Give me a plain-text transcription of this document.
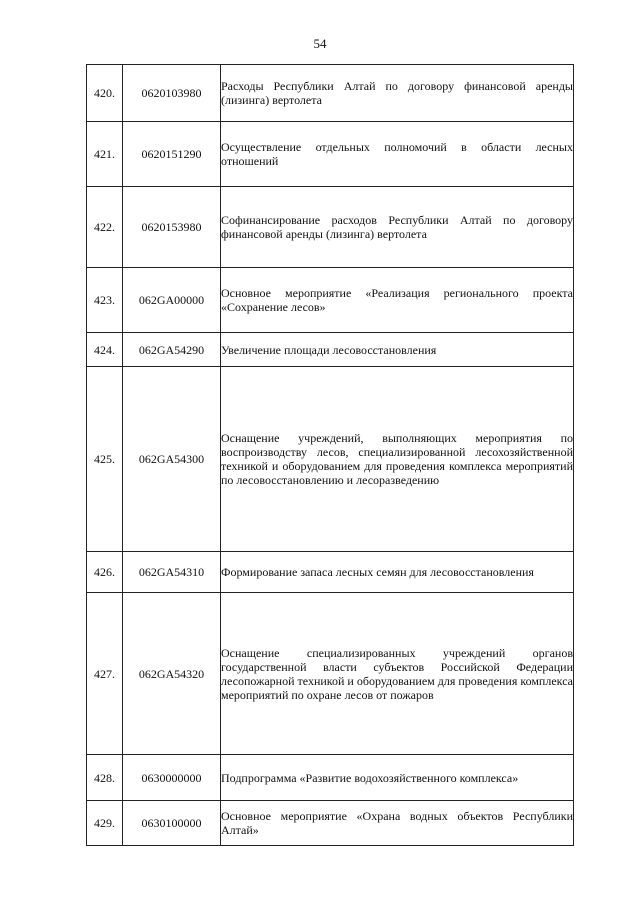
54
420.	0620103980	Расходы Республики Алтай по договору финансовой аренды (лизинга) вертолета
421.	0620151290	Осуществление отдельных полномочий в области лесных отношений
422.	0620153980	Софинансирование расходов Республики Алтай по договору финансовой аренды (лизинга) вертолета
423.	062GA00000	Основное мероприятие «Реализация регионального проекта «Сохранение лесов»
424.	062GA54290	Увеличение площади лесовосстановления
425.	062GA54300	Оснащение учреждений, выполняющих мероприятия по воспроизводству лесов, специализированной лесохозяйственной техникой и оборудованием для проведения комплекса мероприятий по лесовосстановлению и лесоразведению
426.	062GA54310	Формирование запаса лесных семян для лесовосстановления
427.	062GA54320	Оснащение специализированных учреждений органов государственной власти субъектов Российской Федерации лесопожарной техникой и оборудованием для проведения комплекса мероприятий по охране лесов от пожаров
428.	0630000000	Подпрограмма «Развитие водохозяйственного комплекса»
429.	0630100000	Основное мероприятие «Охрана водных объектов Республики Алтай»
